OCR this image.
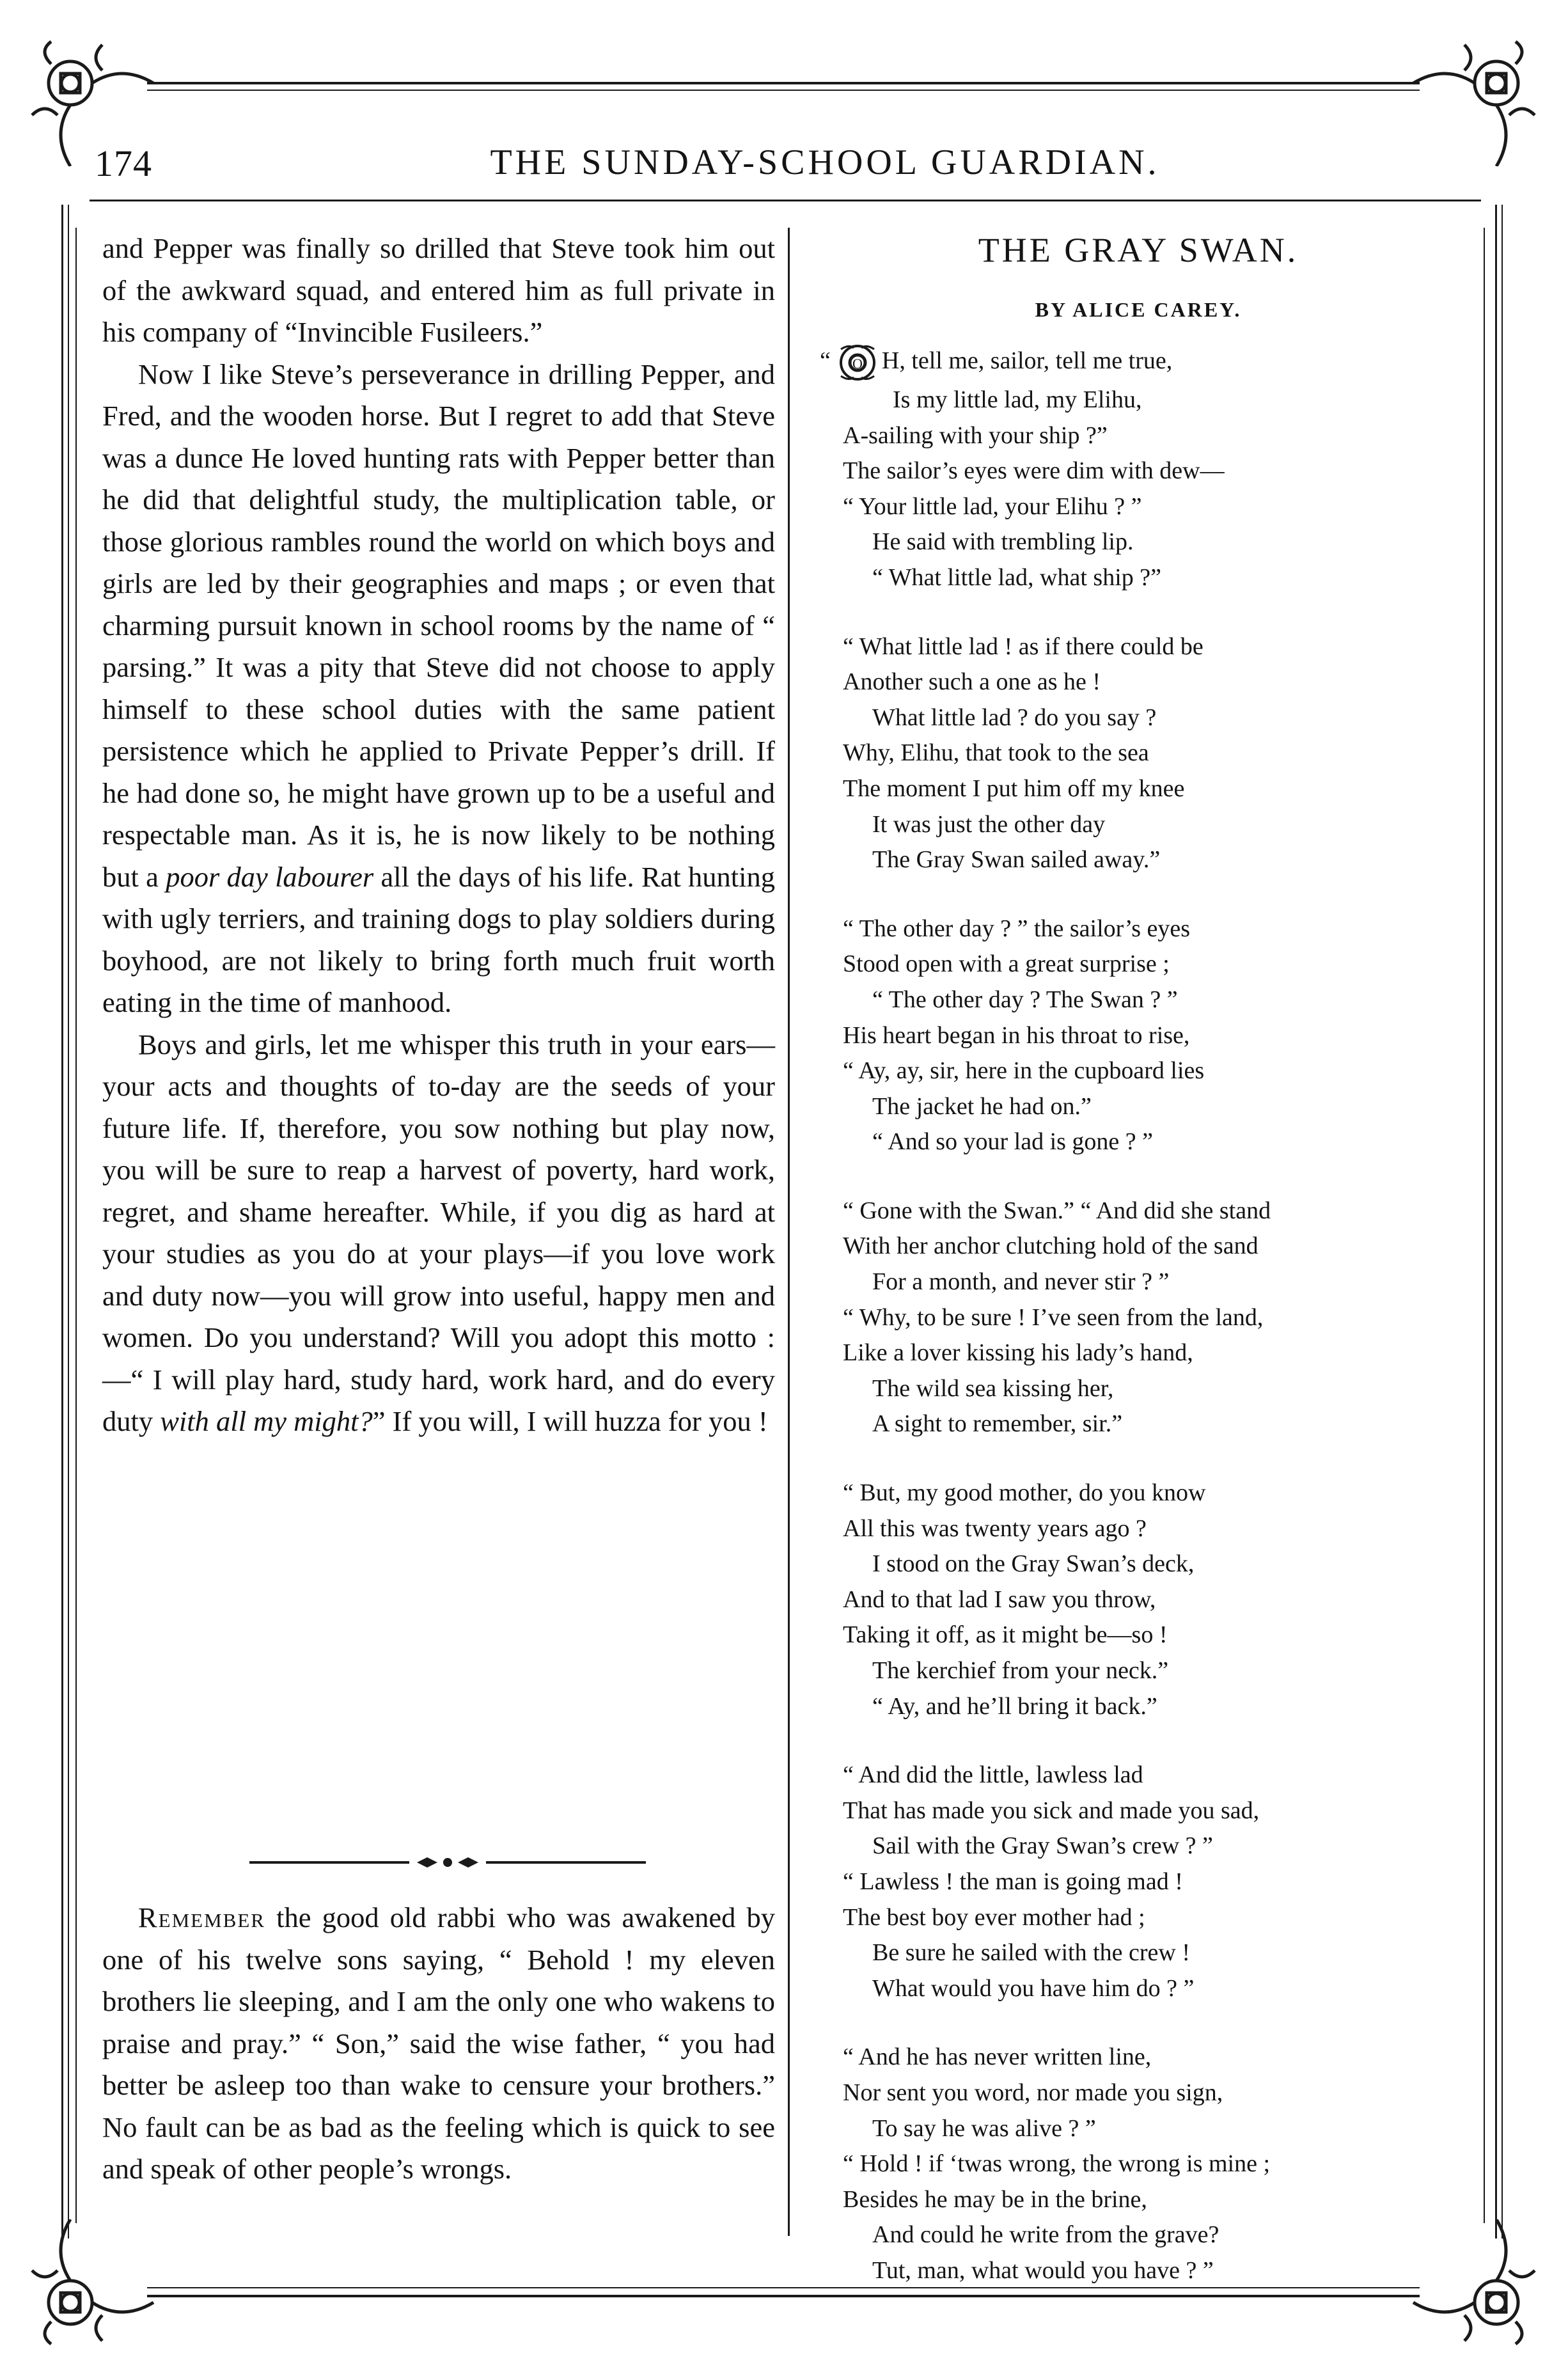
174	THE SUNDAY-SCHOOL GUARDIAN.

and Pepper was finally so drilled that Steve took him out of the awkward squad, and entered him as full private in his company of “Invincible Fusileers.”

Now I like Steve’s perseverance in drilling Pepper, and Fred, and the wooden horse. But I regret to add that Steve was a dunce He loved hunting rats with Pepper better than he did that delightful study, the multiplication table, or those glorious rambles round the world on which boys and girls are led by their geographies and maps ; or even that charming pursuit known in school rooms by the name of “ parsing.” It was a pity that Steve did not choose to apply himself to these school duties with the same patient persistence which he applied to Private Pepper’s drill. If he had done so, he might have grown up to be a useful and respectable man. As it is, he is now likely to be nothing but a poor day labourer all the days of his life. Rat hunting with ugly terriers, and training dogs to play soldiers during boyhood, are not likely to bring forth much fruit worth eating in the time of manhood.

Boys and girls, let me whisper this truth in your ears—your acts and thoughts of to-day are the seeds of your future life. If, therefore, you sow nothing but play now, you will be sure to reap a harvest of poverty, hard work, regret, and shame hereafter. While, if you dig as hard at your studies as you do at your plays—if you love work and duty now—you will grow into useful, happy men and women. Do you understand? Will you adopt this motto :—“ I will play hard, study hard, work hard, and do every duty with all my might?” If you will, I will huzza for you !

Remember the good old rabbi who was awakened by one of his twelve sons saying, “ Behold ! my eleven brothers lie sleeping, and I am the only one who wakens to praise and pray.” “ Son,” said the wise father, “ you had better be asleep too than wake to censure your brothers.” No fault can be as bad as the feeling which is quick to see and speak of other people’s wrongs.

THE GRAY SWAN.
BY ALICE CAREY.
“ O H, tell me, sailor, tell me true,
Is my little lad, my Elihu,
A-sailing with your ship ?”
The sailor’s eyes were dim with dew—
“ Your little lad, your Elihu ? ”
He said with trembling lip.
“ What little lad, what ship ?”
“ What little lad ! as if there could be
Another such a one as he !
What little lad ? do you say ?
Why, Elihu, that took to the sea
The moment I put him off my knee
It was just the other day
The Gray Swan sailed away.”
“ The other day ? ” the sailor’s eyes
Stood open with a great surprise ;
“ The other day ? The Swan ? ”
His heart began in his throat to rise,
“ Ay, ay, sir, here in the cupboard lies
The jacket he had on.”
“ And so your lad is gone ? ”
“ Gone with the Swan.” “ And did she stand
With her anchor clutching hold of the sand
For a month, and never stir ? ”
“ Why, to be sure ! I’ve seen from the land,
Like a lover kissing his lady’s hand,
The wild sea kissing her,
A sight to remember, sir.”
“ But, my good mother, do you know
All this was twenty years ago ?
I stood on the Gray Swan’s deck,
And to that lad I saw you throw,
Taking it off, as it might be—so !
The kerchief from your neck.”
“ Ay, and he’ll bring it back.”
“ And did the little, lawless lad
That has made you sick and made you sad,
Sail with the Gray Swan’s crew ? ”
“ Lawless ! the man is going mad !
The best boy ever mother had ;
Be sure he sailed with the crew !
What would you have him do ? ”
“ And he has never written line,
Nor sent you word, nor made you sign,
To say he was alive ? ”
“ Hold ! if ‘twas wrong, the wrong is mine ;
Besides he may be in the brine,
And could he write from the grave?
Tut, man, what would you have ? ”
